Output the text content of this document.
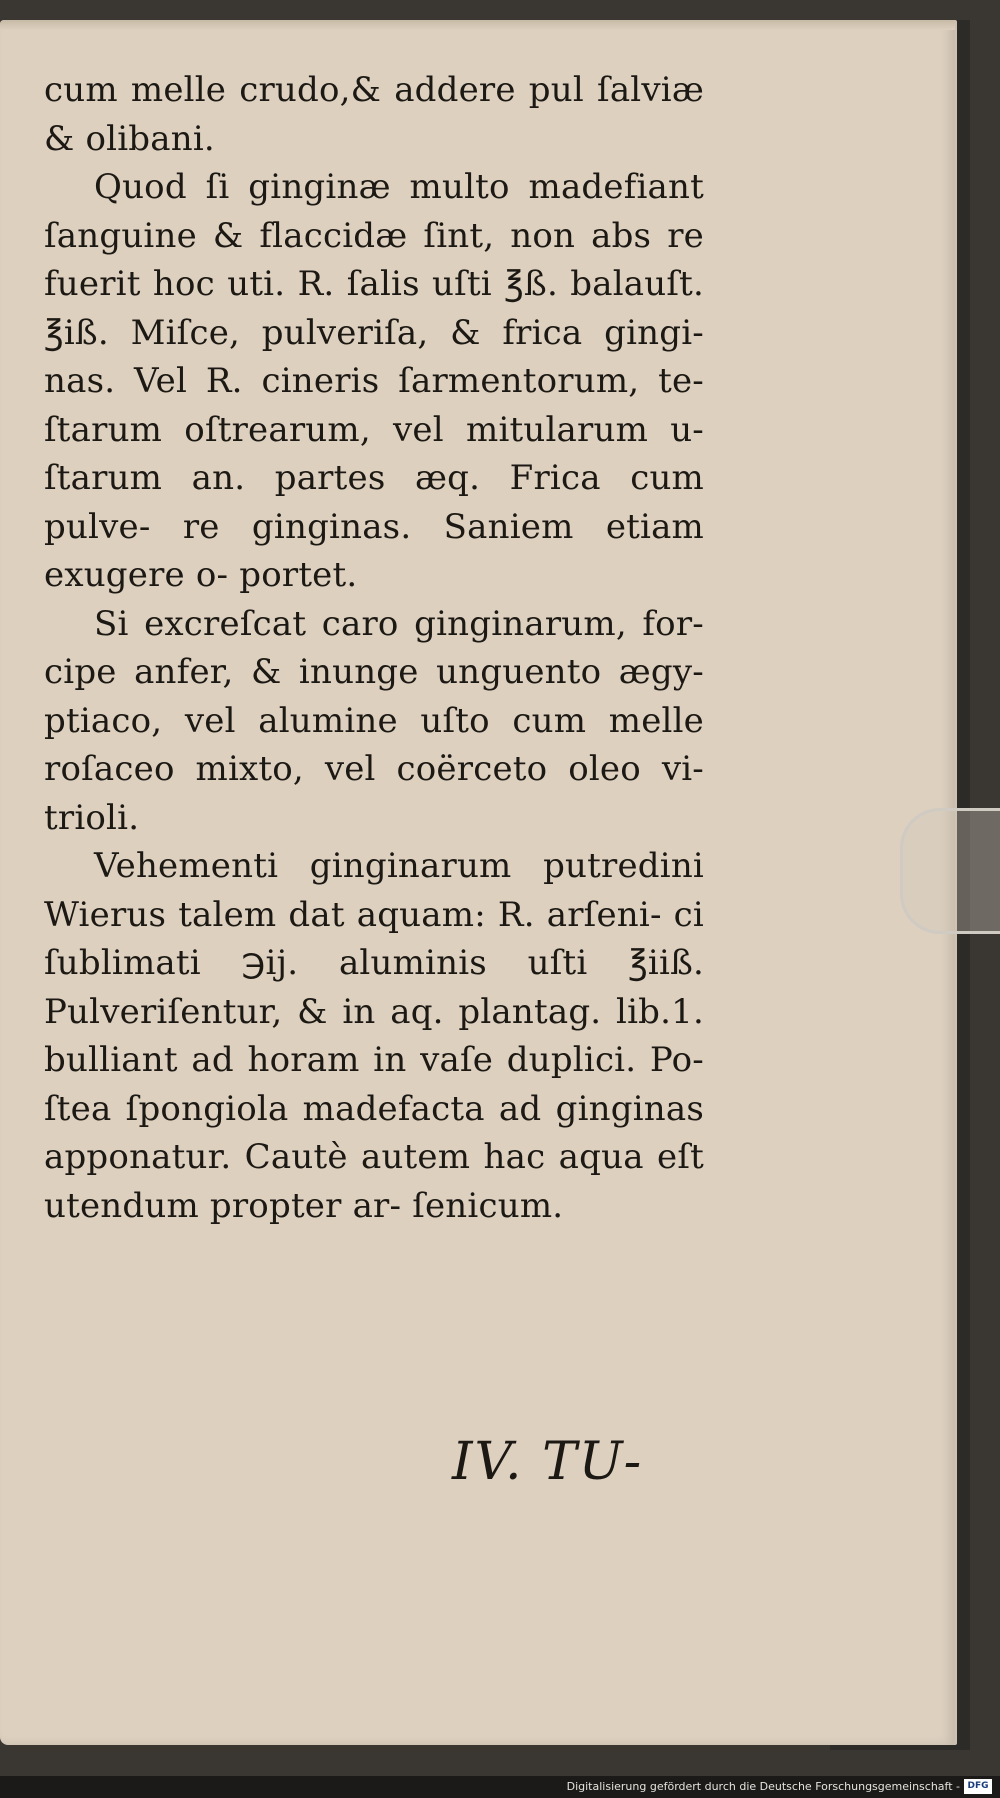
cum melle crudo,& addere pul ſalviæ & olibani.

Quod ſi ginginæ multo madefiant ſanguine & flaccidæ ſint, non abs re fuerit hoc uti. R. ſalis uſti ℥ß. balauſt. ℥iß. Miſce, pulveriſa, & frica gingi- nas. Vel R. cineris ſarmentorum, te- ſtarum oſtrearum, vel mitularum u- ſtarum an. partes æq. Frica cum pulve- re ginginas. Saniem etiam exugere o- portet.

Si excreſcat caro ginginarum, for- cipe anfer, & inunge unguento ægy- ptiaco, vel alumine uſto cum melle roſaceo mixto, vel coërceto oleo vi- trioli.

Vehementi ginginarum putredini Wierus talem dat aquam: R. arſeni- ci ſublimati ℈ij. aluminis uſti ℥iiß. Pulveriſentur, & in aq. plantag. lib.1. bulliant ad horam in vaſe duplici. Po- ſtea ſpongiola madefacta ad ginginas apponatur. Cautè autem hac aqua eſt utendum propter ar- ſenicum.

IV. TU-
Digitalisierung gefördert durch die Deutsche Forschungsgemeinschaft - DFG
